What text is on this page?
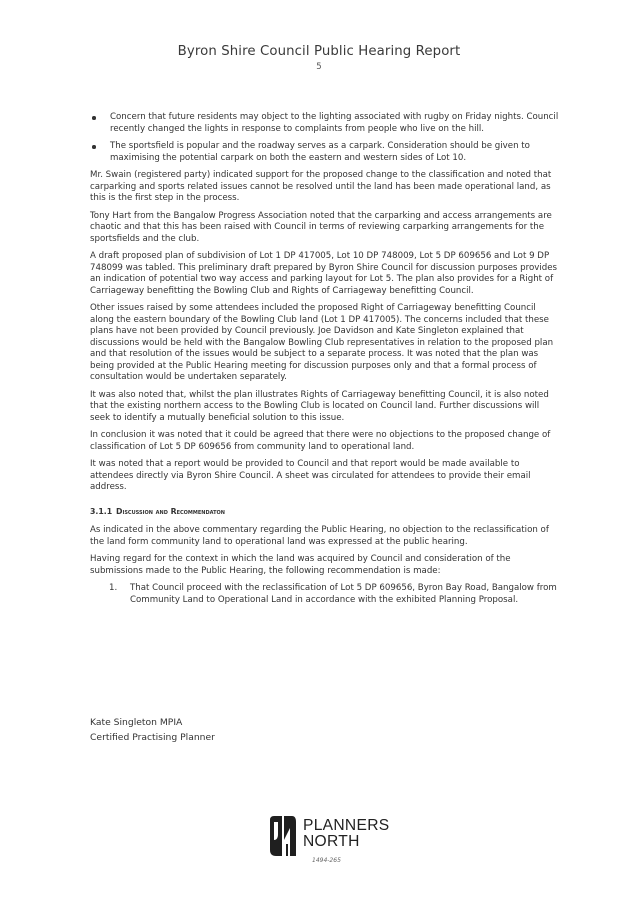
Byron Shire Council Public Hearing Report
5
Concern that future residents may object to the lighting associated with rugby on Friday nights. Council recently changed the lights in response to complaints from people who live on the hill.
The sportsfield is popular and the roadway serves as a carpark. Consideration should be given to maximising the potential carpark on both the eastern and western sides of Lot 10.

Mr. Swain (registered party) indicated support for the proposed change to the classification and noted that carparking and sports related issues cannot be resolved until the land has been made operational land, as this is the first step in the process.

Tony Hart from the Bangalow Progress Association noted that the carparking and access arrangements are chaotic and that this has been raised with Council in terms of reviewing carparking arrangements for the sportsfields and the club.

A draft proposed plan of subdivision of Lot 1 DP 417005, Lot 10 DP 748009, Lot 5 DP 609656 and Lot 9 DP 748099 was tabled. This preliminary draft prepared by Byron Shire Council for discussion purposes provides an indication of potential two way access and parking layout for Lot 5. The plan also provides for a Right of Carriageway benefitting the Bowling Club and Rights of Carriageway benefitting Council.

Other issues raised by some attendees included the proposed Right of Carriageway benefitting Council along the eastern boundary of the Bowling Club land (Lot 1 DP 417005). The concerns included that these plans have not been provided by Council previously. Joe Davidson and Kate Singleton explained that discussions would be held with the Bangalow Bowling Club representatives in relation to the proposed plan and that resolution of the issues would be subject to a separate process. It was noted that the plan was being provided at the Public Hearing meeting for discussion purposes only and that a formal process of consultation would be undertaken separately.

It was also noted that, whilst the plan illustrates Rights of Carriageway benefitting Council, it is also noted that the existing northern access to the Bowling Club is located on Council land. Further discussions will seek to identify a mutually beneficial solution to this issue.

In conclusion it was noted that it could be agreed that there were no objections to the proposed change of classification of Lot 5 DP 609656 from community land to operational land.

It was noted that a report would be provided to Council and that report would be made available to attendees directly via Byron Shire Council. A sheet was circulated for attendees to provide their email address.

3.1.1 Discussion and Recommendaton

As indicated in the above commentary regarding the Public Hearing, no objection to the reclassification of the land form community land to operational land was expressed at the public hearing.

Having regard for the context in which the land was acquired by Council and consideration of the submissions made to the Public Hearing, the following recommendation is made:

1. That Council proceed with the reclassification of Lot 5 DP 609656, Byron Bay Road, Bangalow from Community Land to Operational Land in accordance with the exhibited Planning Proposal.
Kate Singleton MPIA
Certified Practising Planner
PLANNERS
NORTH
1494-265
